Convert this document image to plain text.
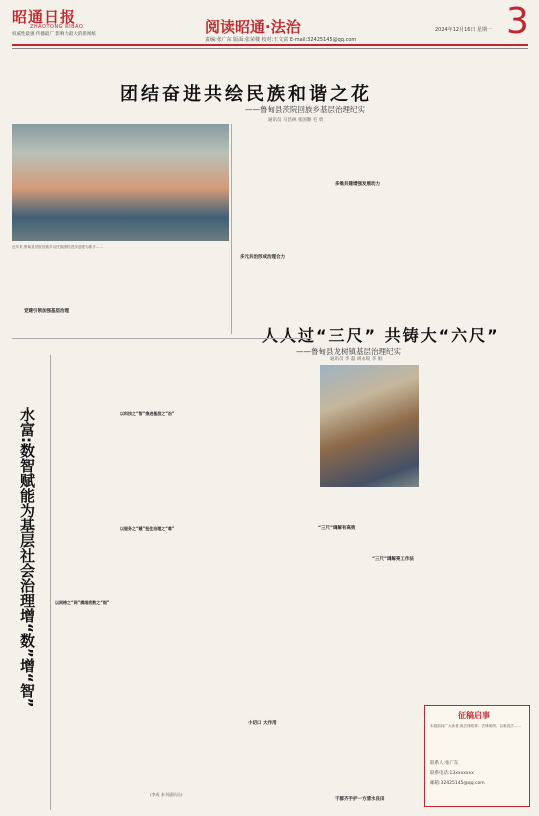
昭通日报
ZHAOTONG RIBAO
权威性最强 传播最广 影响力最大的新闻纸	阅读昭通·法治	3
2024年12月16日 星期一
责编:张广东 版面:张荣楼 校对:王文富 E-mail:32425145@qq.com
团结奋进共绘民族和谐之花
——鲁甸县茨院回族乡基层治理纪实
通讯员 马昌林 张国顺 毛 勇
近年来,鲁甸县茨院回族乡以民族团结进步创建为抓手……
党建引领加强基层治理
多元共治形成治理合力
多维共建增强发展动力
水富:数智赋能为基层社会治理增“数”增“智”	以网格之“网”摸细底数之“细”
以科技之“智”推进基层之“治”
以服务之“暖”扭住治理之“难”
(李成 本刊通讯员)
人人过“三尺” 共铸大“六尺”
——鲁甸县龙树镇基层治理纪实
通讯员 李 磊 胡永锐 李 娟
“三尺”调解有高效
“三尺”调解亮工作法
小切口 大作用
干群齐手护一方清水良田
征稿启事
本版面向广大读者,收法律故事、法律案例、以案说法……
联系人:张广东
联系电话:13xxxxxxx
邮箱:32425145@qq.com
